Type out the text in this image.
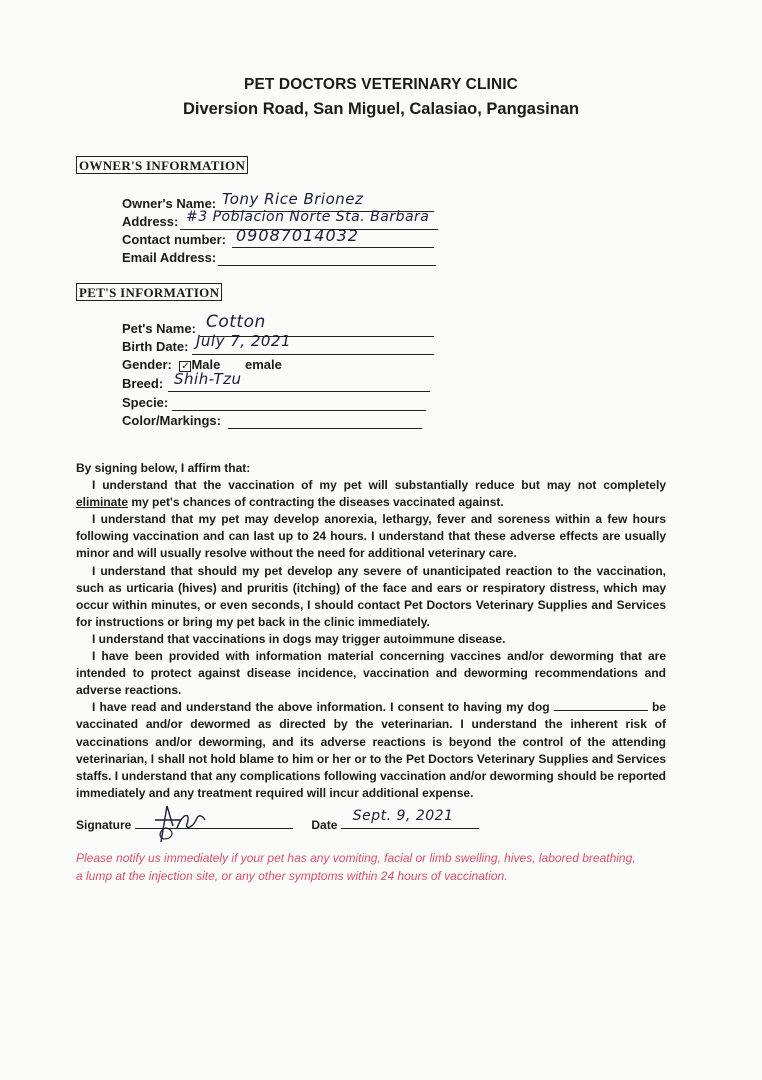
PET DOCTORS VETERINARY CLINIC
Diversion Road, San Miguel, Calasiao, Pangasinan
OWNER'S INFORMATION
Owner's Name: Tony Rice Brionez
Address: #3 Poblacion Norte Sta. Barbara
Contact number: 09087014032
Email Address:
PET'S INFORMATION
Pet's Name: Cotton
Birth Date: July 7, 2021
Gender: ✓ Male emale
Breed: Shih-Tzu
Specie:
Color/Markings:

By signing below, I affirm that:

I understand that the vaccination of my pet will substantially reduce but may not completely eliminate my pet's chances of contracting the diseases vaccinated against.

I understand that my pet may develop anorexia, lethargy, fever and soreness within a few hours following vaccination and can last up to 24 hours. I understand that these adverse effects are usually minor and will usually resolve without the need for additional veterinary care.

I understand that should my pet develop any severe of unanticipated reaction to the vaccination, such as urticaria (hives) and pruritis (itching) of the face and ears or respiratory distress, which may occur within minutes, or even seconds, I should contact Pet Doctors Veterinary Supplies and Services for instructions or bring my pet back in the clinic immediately.

I understand that vaccinations in dogs may trigger autoimmune disease.

I have been provided with information material concerning vaccines and/or deworming that are intended to protect against disease incidence, vaccination and deworming recommendations and adverse reactions.

I have read and understand the above information. I consent to having my dog	be vaccinated and/or dewormed as directed by the veterinarian. I understand the inherent risk of vaccinations and/or deworming, and its adverse reactions is beyond the control of the attending veterinarian, I shall not hold blame to him or her or to the Pet Doctors Veterinary Supplies and Services staffs. I understand that any complications following vaccination and/or deworming should be reported immediately and any treatment required will incur additional expense.

Signature	Date
Sept. 9, 2021
Please notify us immediately if your pet has any vomiting, facial or limb swelling, hives, labored breathing, a lump at the injection site, or any other symptoms within 24 hours of vaccination.
